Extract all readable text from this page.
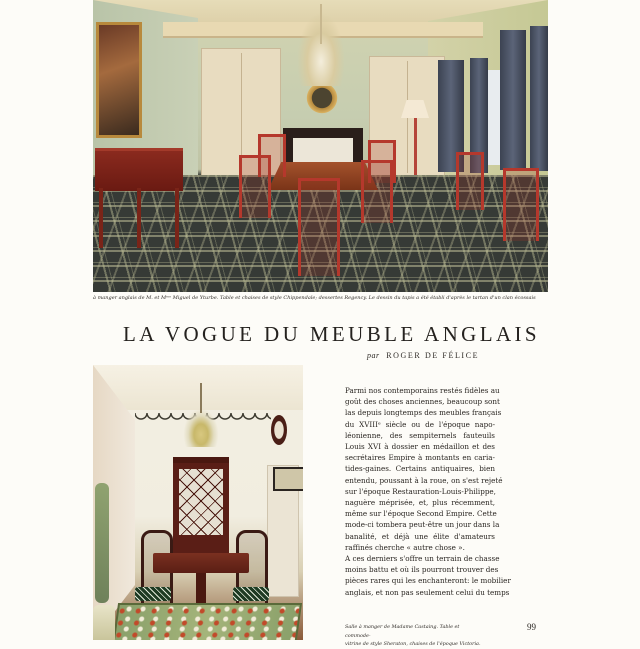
à manger anglais de M. et Mᵐᵉ Miguel de Yturbe. Table et chaises de style Chippendale; dessertes Regency. Le dessin du tapis a été établi d'après le tartan d'un clan écossais
LA VOGUE DU MEUBLE ANGLAIS
par ROGER DE FÉLICE
Parmi nos contemporains restés fidèles au
goût des choses anciennes, beaucoup sont
las depuis longtemps des meubles français
du XVIIIᵉ siècle ou de l'époque napo-
léonienne, des sempiternels fauteuils
Louis XVI à dossier en médaillon et des
secrétaires Empire à montants en caria-
tides-gaines. Certains antiquaires, bien
entendu, poussant à la roue, on s'est rejeté
sur l'époque Restauration-Louis-Philippe,
naguère méprisée, et, plus récemment,
même sur l'époque Second Empire. Cette
mode-ci tombera peut-être un jour dans la
banalité, et déjà une élite d'amateurs
raffinés cherche « autre chose ».
A ces derniers s'offre un terrain de chasse
moins battu et où ils pourront trouver des
pièces rares qui les enchanteront: le mobilier
anglais, et non pas seulement celui du temps
Salle à manger de Madame Castaing. Table et commode-
vitrine de style Sheraton, chaises de l'époque Victoria.
99
